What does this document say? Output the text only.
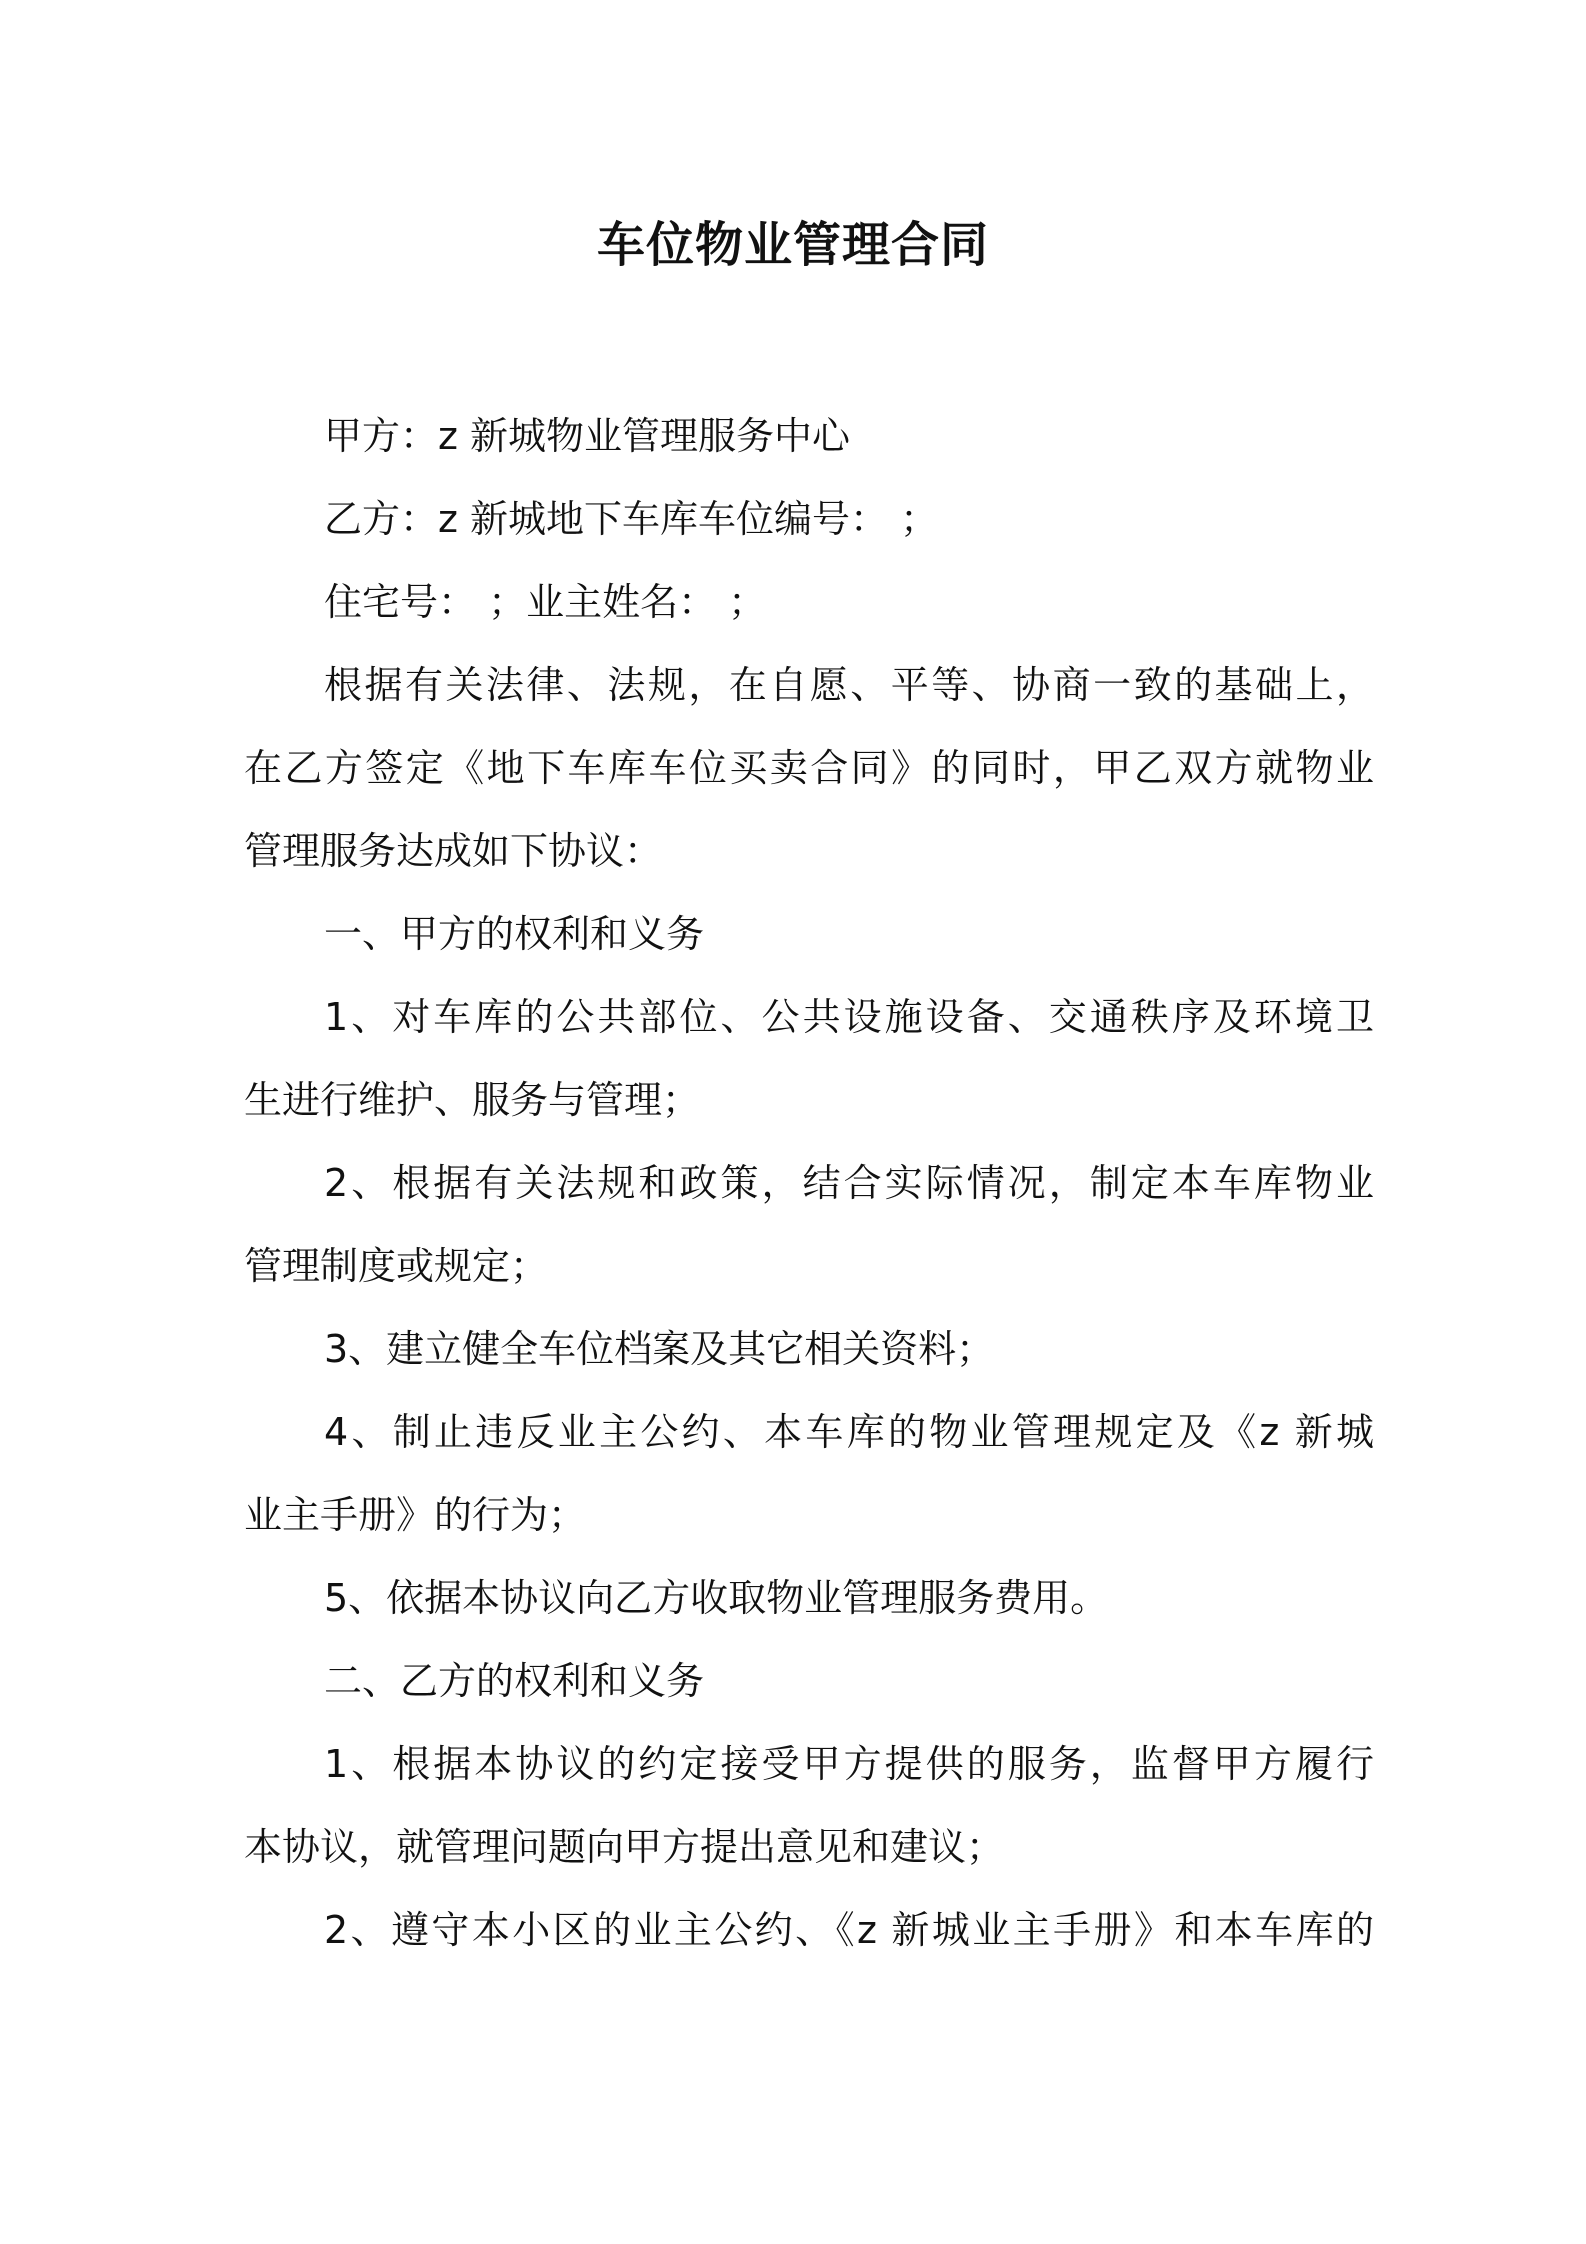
车位物业管理合同
甲方：z 新城物业管理服务中心
乙方：z 新城地下车库车位编号： ；
住宅号： ；业主姓名： ；
根据有关法律、法规，在自愿、平等、协商一致的基础上，
在乙方签定《地下车库车位买卖合同》的同时，甲乙双方就物业
管理服务达成如下协议：
一、甲方的权利和义务
1、对车库的公共部位、公共设施设备、交通秩序及环境卫
生进行维护、服务与管理；
2、根据有关法规和政策，结合实际情况，制定本车库物业
管理制度或规定；
3、建立健全车位档案及其它相关资料；
4、制止违反业主公约、本车库的物业管理规定及《z 新城
业主手册》的行为；
5、依据本协议向乙方收取物业管理服务费用。
二、乙方的权利和义务
1、根据本协议的约定接受甲方提供的服务，监督甲方履行
本协议，就管理问题向甲方提出意见和建议；
2、遵守本小区的业主公约、《z 新城业主手册》和本车库的
